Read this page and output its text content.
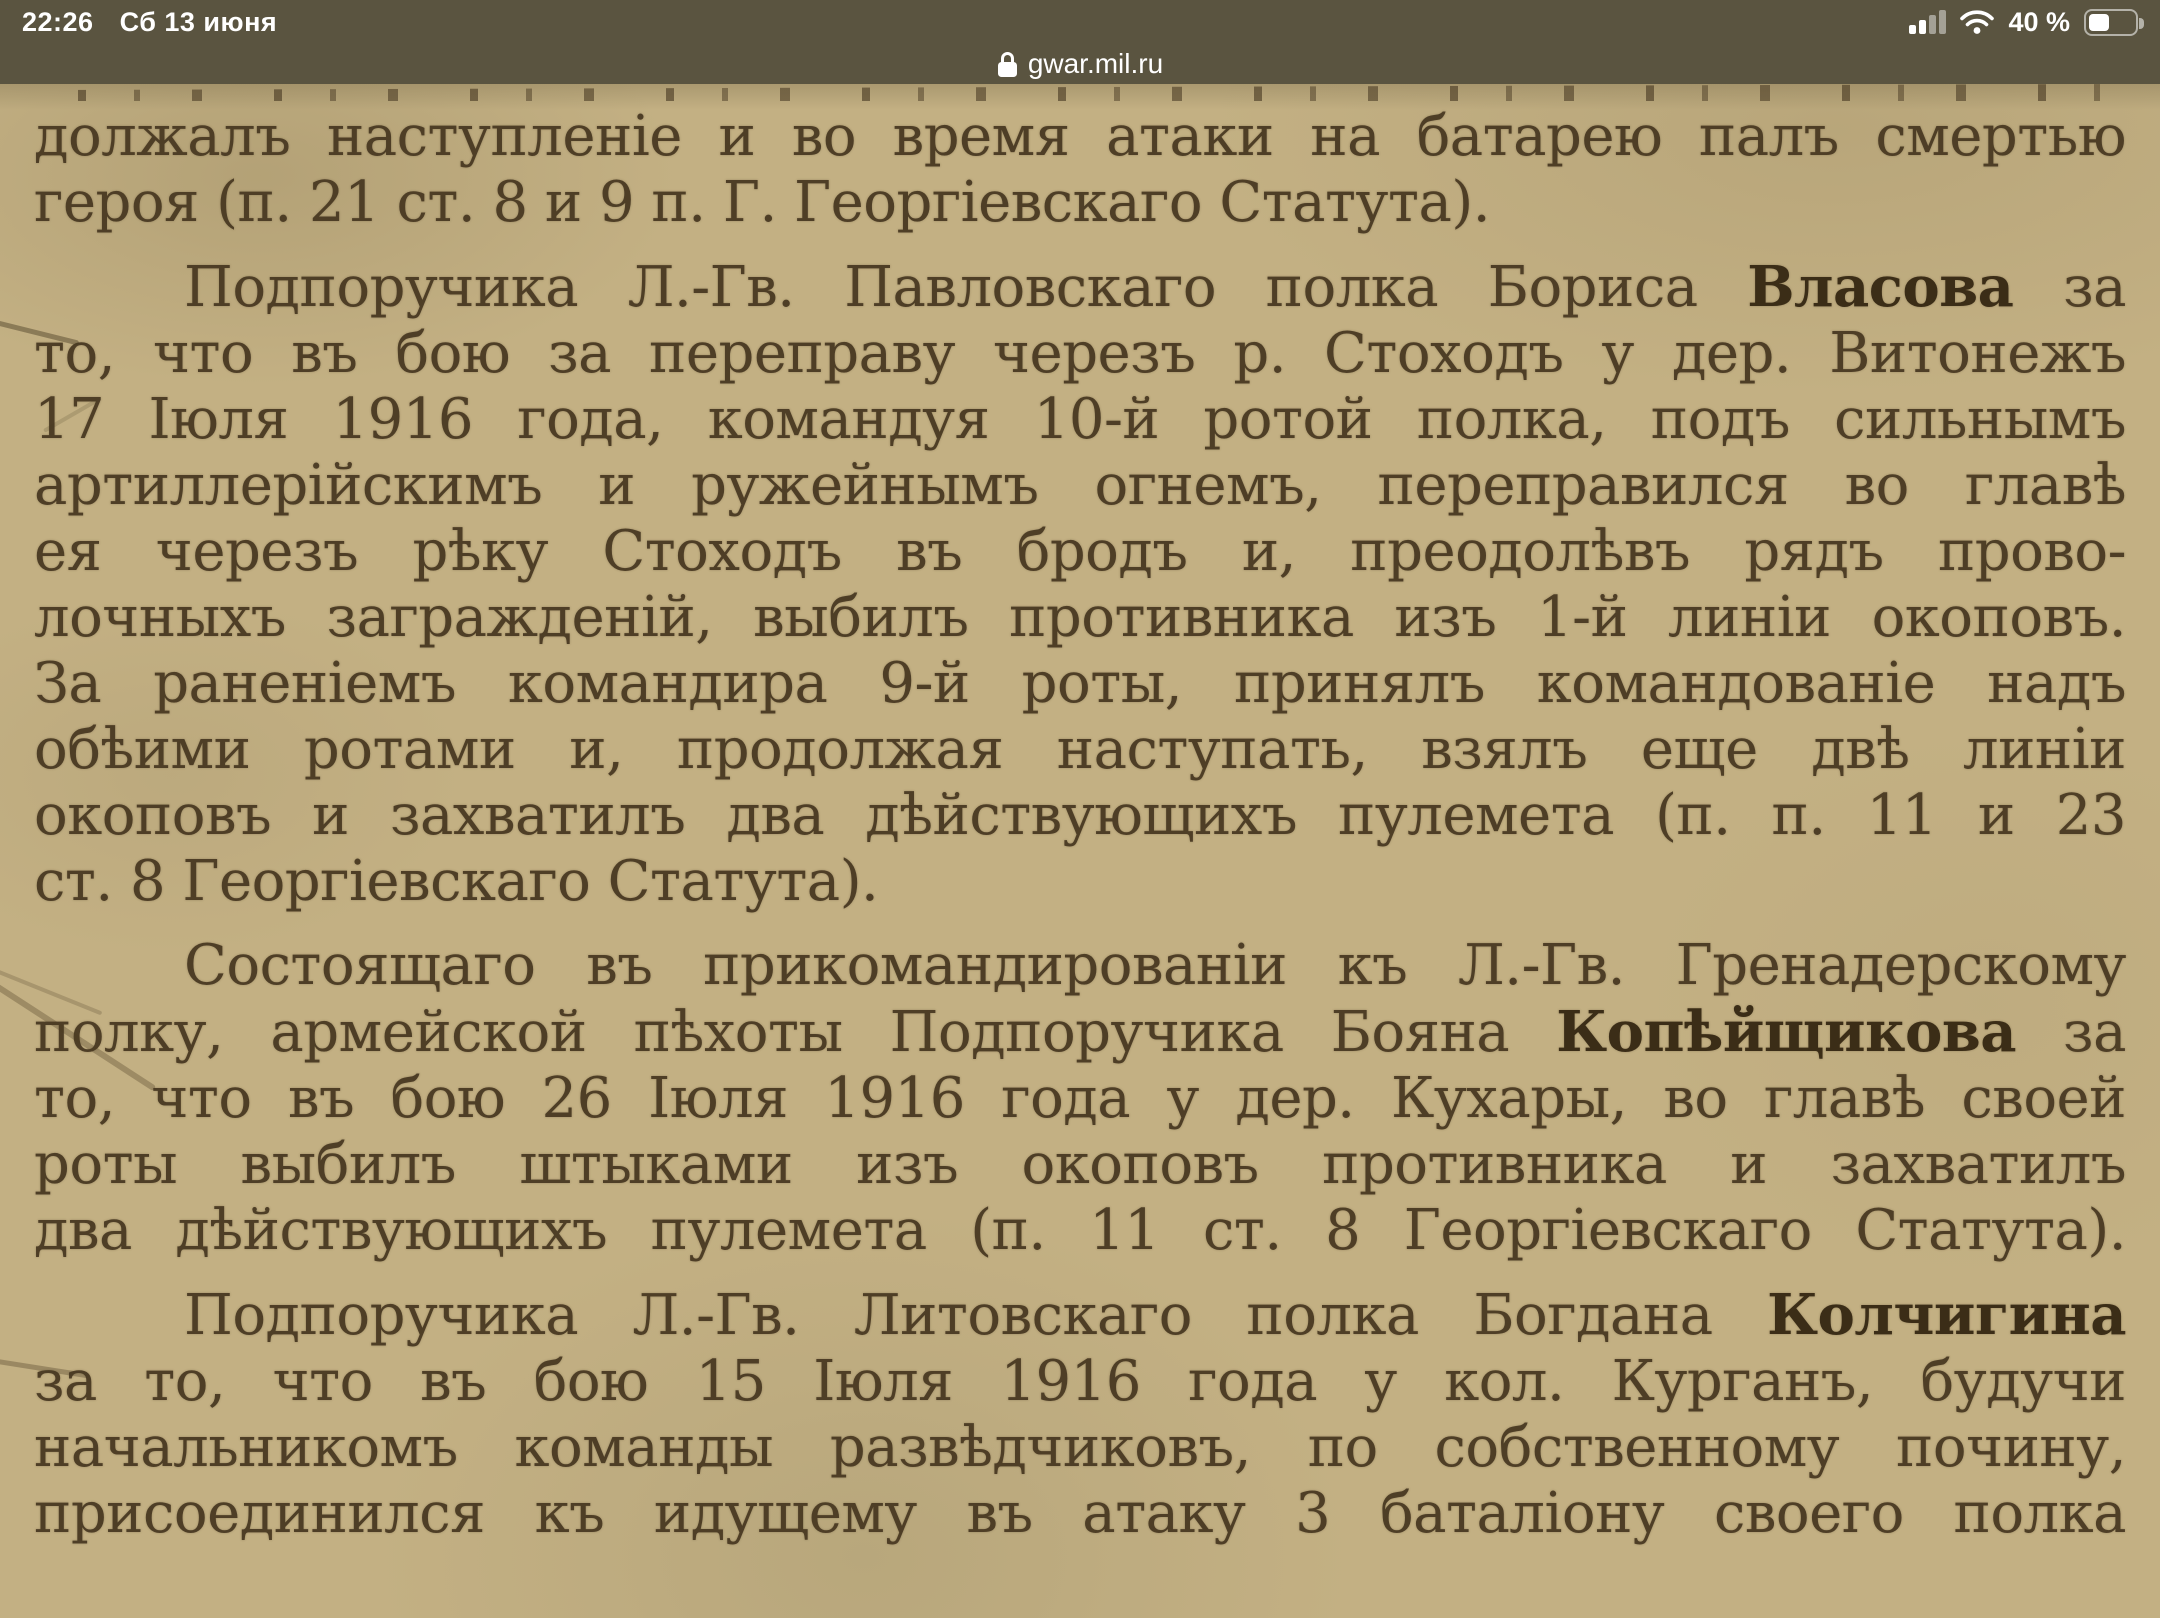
22:26 Сб 13 июня	40 %
gwar.mil.ru
должалъ наступленіе и во время атаки на батарею палъ смертью
героя (п. 21 ст. 8 и 9 п. Г. Георгіевскаго Статута).
Подпоручика Л.-Гв. Павловскаго полка Бориса Власова за
то, что въ бою за переправу черезъ р. Стоходъ у дер. Витонежъ
17 Іюля 1916 года, командуя 10-й ротой полка, подъ сильнымъ
артиллерійскимъ и ружейнымъ огнемъ, переправился во главѣ
ея черезъ рѣку Стоходъ въ бродъ и, преодолѣвъ рядъ прово-
лочныхъ загражденій, выбилъ противника изъ 1-й линіи окоповъ.
За раненіемъ командира 9-й роты, принялъ командованіе надъ
обѣими ротами и, продолжая наступать, взялъ еще двѣ линіи
окоповъ и захватилъ два дѣйствующихъ пулемета (п. п. 11 и 23
ст. 8 Георгіевскаго Статута).
Состоящаго въ прикомандированіи къ Л.-Гв. Гренадерскому
полку, армейской пѣхоты Подпоручика Бояна Копѣйщикова за
то, что въ бою 26 Іюля 1916 года у дер. Кухары, во главѣ своей
роты выбилъ штыками изъ окоповъ противника и захватилъ
два дѣйствующихъ пулемета (п. 11 ст. 8 Георгіевскаго Статута).
Подпоручика Л.-Гв. Литовскаго полка Богдана Колчигина
за то, что въ бою 15 Іюля 1916 года у кол. Курганъ, будучи
начальникомъ команды развѣдчиковъ, по собственному почину,
присоединился къ идущему въ атаку 3 баталіону своего полка
